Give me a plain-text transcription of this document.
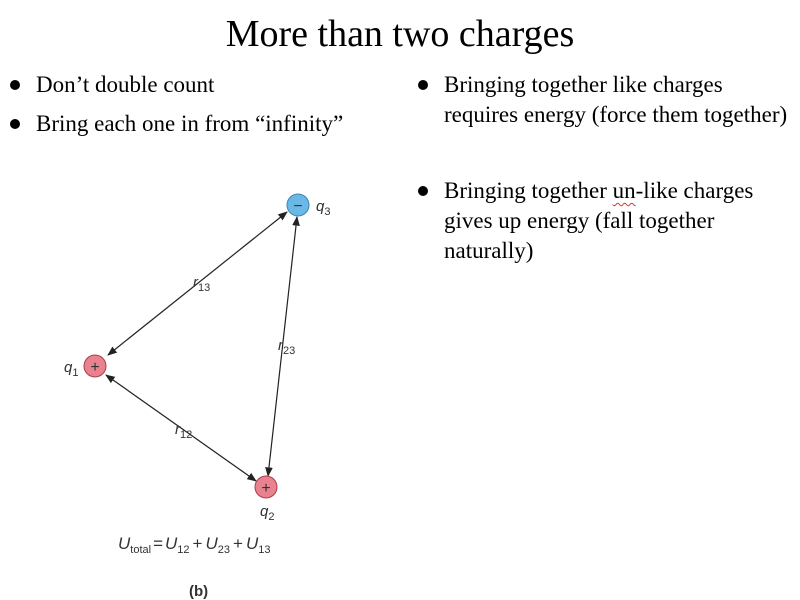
More than two charges
Don’t double count
Bring each one in from “infinity”
Bringing together like charges requires energy (force them together)
Bringing together un-like charges gives up energy (fall together naturally)
+
$q_1$
+
$q_2$
− $q_3$
$r_{13}$
$r_{23}$
$r_{12}$
$U_{total} = U_{12} + U_{23} + U_{13}$
(b)
